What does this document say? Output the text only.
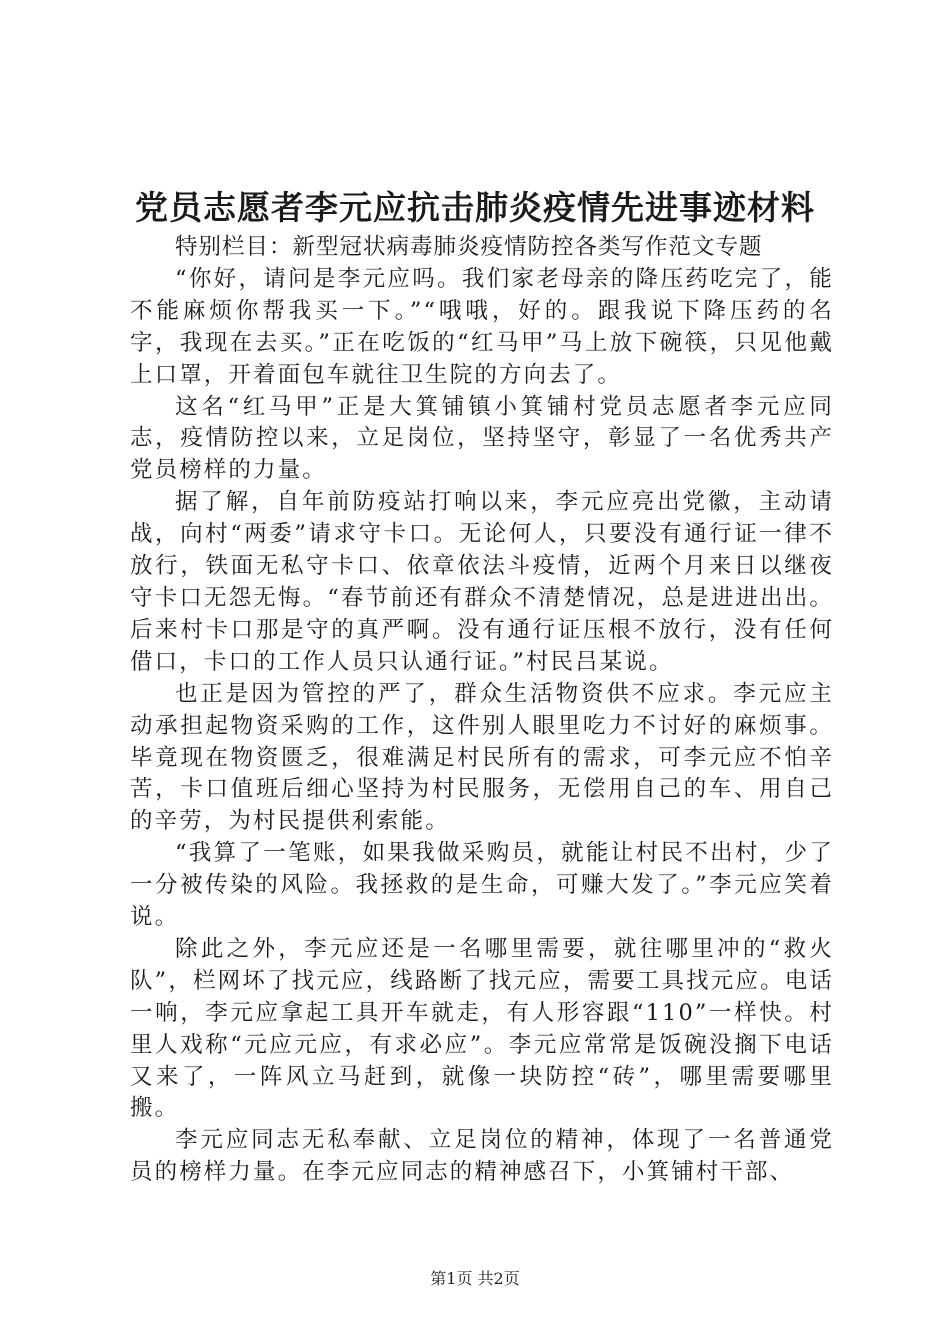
党员志愿者李元应抗击肺炎疫情先进事迹材料

特别栏目：新型冠状病毒肺炎疫情防控各类写作范文专题

“你好，请问是李元应吗。我们家老母亲的降压药吃完了，能不能麻烦你帮我买一下。”“哦哦，好的。跟我说下降压药的名字，我现在去买。”正在吃饭的“红马甲”马上放下碗筷，只见他戴上口罩，开着面包车就往卫生院的方向去了。

这名“红马甲”正是大箕铺镇小箕铺村党员志愿者李元应同志，疫情防控以来，立足岗位，坚持坚守，彰显了一名优秀共产党员榜样的力量。

据了解，自年前防疫站打响以来，李元应亮出党徽，主动请战，向村“两委”请求守卡口。无论何人，只要没有通行证一律不放行，铁面无私守卡口、依章依法斗疫情，近两个月来日以继夜守卡口无怨无悔。“春节前还有群众不清楚情况，总是进进出出。后来村卡口那是守的真严啊。没有通行证压根不放行，没有任何借口，卡口的工作人员只认通行证。”村民吕某说。

也正是因为管控的严了，群众生活物资供不应求。李元应主动承担起物资采购的工作，这件别人眼里吃力不讨好的麻烦事。毕竟现在物资匮乏，很难满足村民所有的需求，可李元应不怕辛苦，卡口值班后细心坚持为村民服务，无偿用自己的车、用自己的辛劳，为村民提供利索能。

“我算了一笔账，如果我做采购员，就能让村民不出村，少了一分被传染的风险。我拯救的是生命，可赚大发了。”李元应笑着说。

除此之外，李元应还是一名哪里需要，就往哪里冲的“救火队”，栏网坏了找元应，线路断了找元应，需要工具找元应。电话一响，李元应拿起工具开车就走，有人形容跟“110”一样快。村里人戏称“元应元应，有求必应”。李元应常常是饭碗没搁下电话又来了，一阵风立马赶到，就像一块防控“砖”，哪里需要哪里搬。

李元应同志无私奉献、立足岗位的精神，体现了一名普通党员的榜样力量。在李元应同志的精神感召下，小箕铺村干部、

第1页 共2页
